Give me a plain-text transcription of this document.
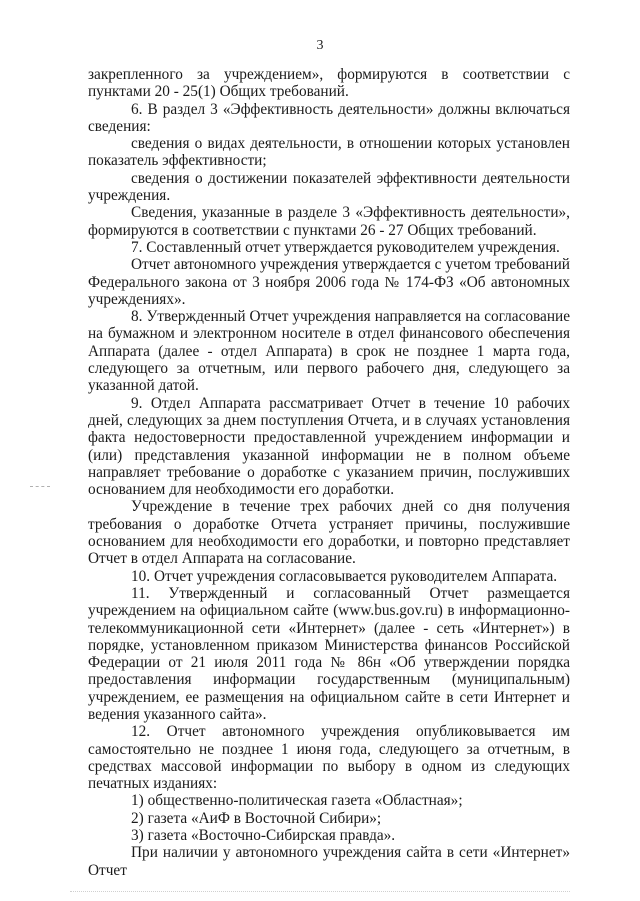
3

закрепленного за учреждением», формируются в соответствии с пунктами 20 - 25(1) Общих требований.

6. В раздел 3 «Эффективность деятельности» должны включаться сведения:

сведения о видах деятельности, в отношении которых установлен показатель эффективности;

сведения о достижении показателей эффективности деятельности учреждения.

Сведения, указанные в разделе 3 «Эффективность деятельности», формируются в соответствии с пунктами 26 - 27 Общих требований.

7. Составленный отчет утверждается руководителем учреждения.

Отчет автономного учреждения утверждается с учетом требований Федерального закона от 3 ноября 2006 года № 174-ФЗ «Об автономных учреждениях».

8. Утвержденный Отчет учреждения направляется на согласование на бумажном и электронном носителе в отдел финансового обеспечения Аппарата (далее - отдел Аппарата) в срок не позднее 1 марта года, следующего за отчетным, или первого рабочего дня, следующего за указанной датой.

9. Отдел Аппарата рассматривает Отчет в течение 10 рабочих дней, следующих за днем поступления Отчета, и в случаях установления факта недостоверности предоставленной учреждением информации и (или) представления указанной информации не в полном объеме направляет требование о доработке с указанием причин, послуживших основанием для необходимости его доработки.

Учреждение в течение трех рабочих дней со дня получения требования о доработке Отчета устраняет причины, послужившие основанием для необходимости его доработки, и повторно представляет Отчет в отдел Аппарата на согласование.

10. Отчет учреждения согласовывается руководителем Аппарата.

11. Утвержденный и согласованный Отчет размещается учреждением на официальном сайте (www.bus.gov.ru) в информационно-телекоммуникационной сети «Интернет» (далее - сеть «Интернет») в порядке, установленном приказом Министерства финансов Российской Федерации от 21 июля 2011 года № 86н «Об утверждении порядка предоставления информации государственным (муниципальным) учреждением, ее размещения на официальном сайте в сети Интернет и ведения указанного сайта».

12. Отчет автономного учреждения опубликовывается им самостоятельно не позднее 1 июня года, следующего за отчетным, в средствах массовой информации по выбору в одном из следующих печатных изданиях:

1) общественно-политическая газета «Областная»;

2) газета «АиФ в Восточной Сибири»;

3) газета «Восточно-Сибирская правда».

При наличии у автономного учреждения сайта в сети «Интернет» Отчет
